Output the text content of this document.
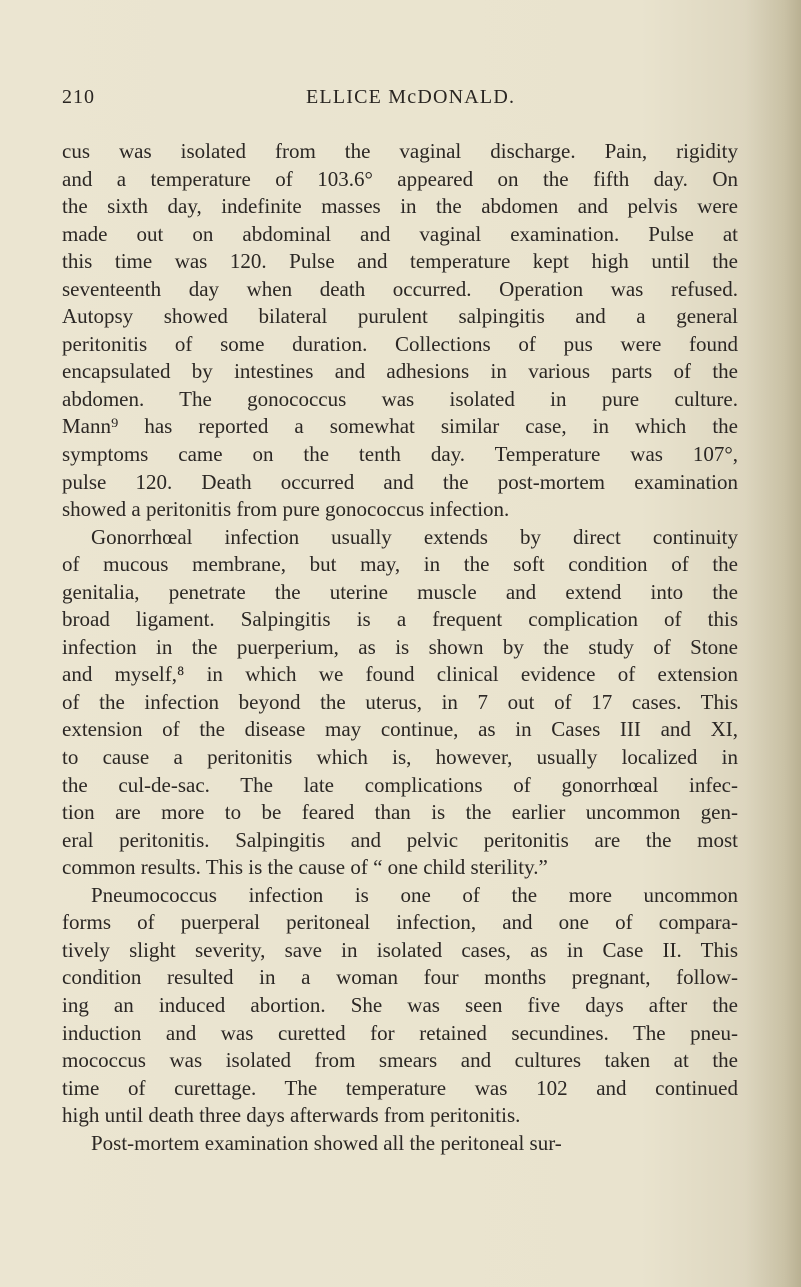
210	ELLICE McDONALD.
cus was isolated from the vaginal discharge. Pain, rigidity
and a temperature of 103.6° appeared on the fifth day. On
the sixth day, indefinite masses in the abdomen and pelvis were
made out on abdominal and vaginal examination. Pulse at
this time was 120. Pulse and temperature kept high until the
seventeenth day when death occurred. Operation was refused.
Autopsy showed bilateral purulent salpingitis and a general
peritonitis of some duration. Collections of pus were found
encapsulated by intestines and adhesions in various parts of the
abdomen. The gonococcus was isolated in pure culture.
Mann⁹ has reported a somewhat similar case, in which the
symptoms came on the tenth day. Temperature was 107°,
pulse 120. Death occurred and the post-mortem examination
showed a peritonitis from pure gonococcus infection.
Gonorrhœal infection usually extends by direct continuity
of mucous membrane, but may, in the soft condition of the
genitalia, penetrate the uterine muscle and extend into the
broad ligament. Salpingitis is a frequent complication of this
infection in the puerperium, as is shown by the study of Stone
and myself,⁸ in which we found clinical evidence of extension
of the infection beyond the uterus, in 7 out of 17 cases. This
extension of the disease may continue, as in Cases III and XI,
to cause a peritonitis which is, however, usually localized in
the cul-de-sac. The late complications of gonorrhœal infec-
tion are more to be feared than is the earlier uncommon gen-
eral peritonitis. Salpingitis and pelvic peritonitis are the most
common results. This is the cause of “ one child sterility.”
Pneumococcus infection is one of the more uncommon
forms of puerperal peritoneal infection, and one of compara-
tively slight severity, save in isolated cases, as in Case II. This
condition resulted in a woman four months pregnant, follow-
ing an induced abortion. She was seen five days after the
induction and was curetted for retained secundines. The pneu-
mococcus was isolated from smears and cultures taken at the
time of curettage. The temperature was 102 and continued
high until death three days afterwards from peritonitis.
Post-mortem examination showed all the peritoneal sur-
